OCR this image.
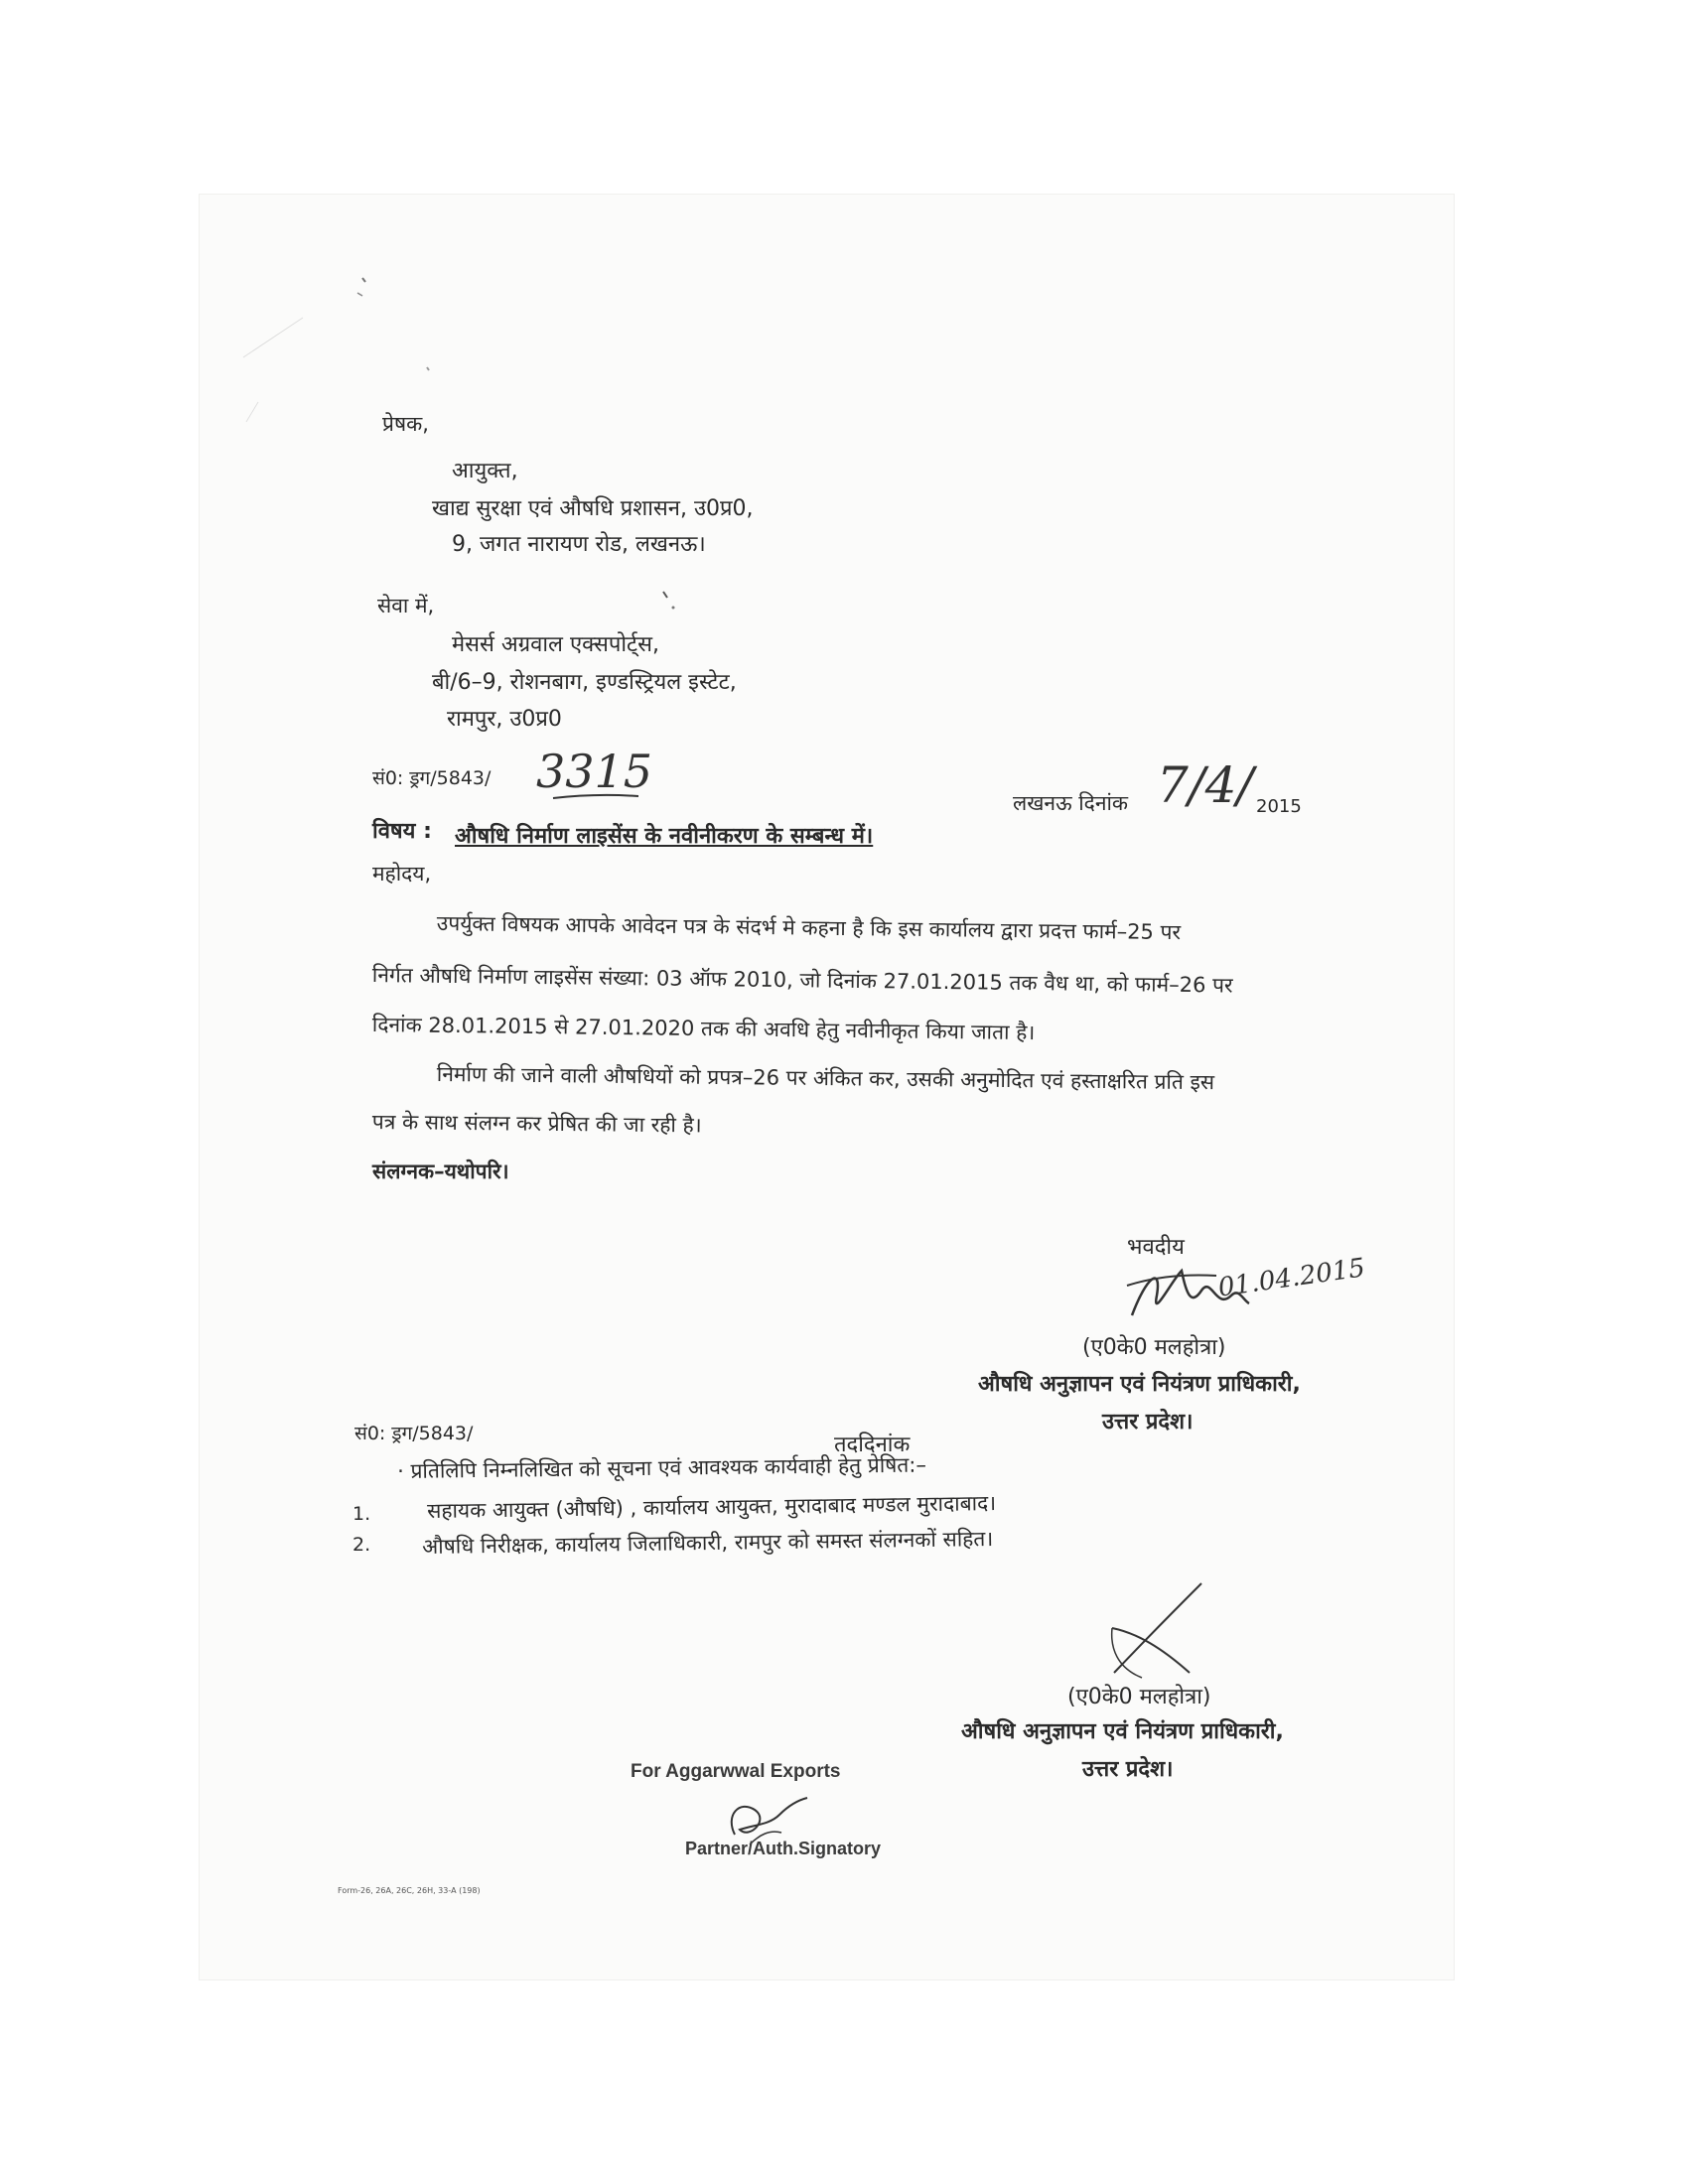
प्रेषक,
आयुक्त,
खाद्य सुरक्षा एवं औषधि प्रशासन, उ0प्र0,
9, जगत नारायण रोड, लखनऊ।
सेवा में,
मेसर्स अग्रवाल एक्सपोर्ट्स,
बी/6–9, रोशनबाग, इण्डस्ट्रियल इस्टेट,
रामपुर, उ0प्र0
सं0: ड्रग/5843/ 3315
लखनऊ दिनांक 7/4/ 2015
विषय : औषधि निर्माण लाइसेंस के नवीनीकरण के सम्बन्ध में।
महोदय,
उपर्युक्त विषयक आपके आवेदन पत्र के संदर्भ मे कहना है कि इस कार्यालय द्वारा प्रदत्त फार्म–25 पर
निर्गत औषधि निर्माण लाइसेंस संख्या: 03 ऑफ 2010, जो दिनांक 27.01.2015 तक वैध था, को फार्म–26 पर
दिनांक 28.01.2015 से 27.01.2020 तक की अवधि हेतु नवीनीकृत किया जाता है।
निर्माण की जाने वाली औषधियों को प्रपत्र–26 पर अंकित कर, उसकी अनुमोदित एवं हस्ताक्षरित प्रति इस
पत्र के साथ संलग्न कर प्रेषित की जा रही है।
संलग्नक–यथोपरि।
भवदीय
01.04.2015
(ए0के0 मलहोत्रा)
औषधि अनुज्ञापन एवं नियंत्रण प्राधिकारी,
उत्तर प्रदेश।
सं0: ड्रग/5843/	तददिनांक
· प्रतिलिपि निम्नलिखित को सूचना एवं आवश्यक कार्यवाही हेतु प्रेषित:–
1.	सहायक आयुक्त (औषधि) , कार्यालय आयुक्त, मुरादाबाद मण्डल मुरादाबाद।
2. औषधि निरीक्षक, कार्यालय जिलाधिकारी, रामपुर को समस्त संलग्नकों सहित।
(ए0के0 मलहोत्रा)
औषधि अनुज्ञापन एवं नियंत्रण प्राधिकारी,
उत्तर प्रदेश।
For Aggarwwal Exports
Partner/Auth.Signatory
Form-26, 26A, 26C, 26H, 33-A (198)
